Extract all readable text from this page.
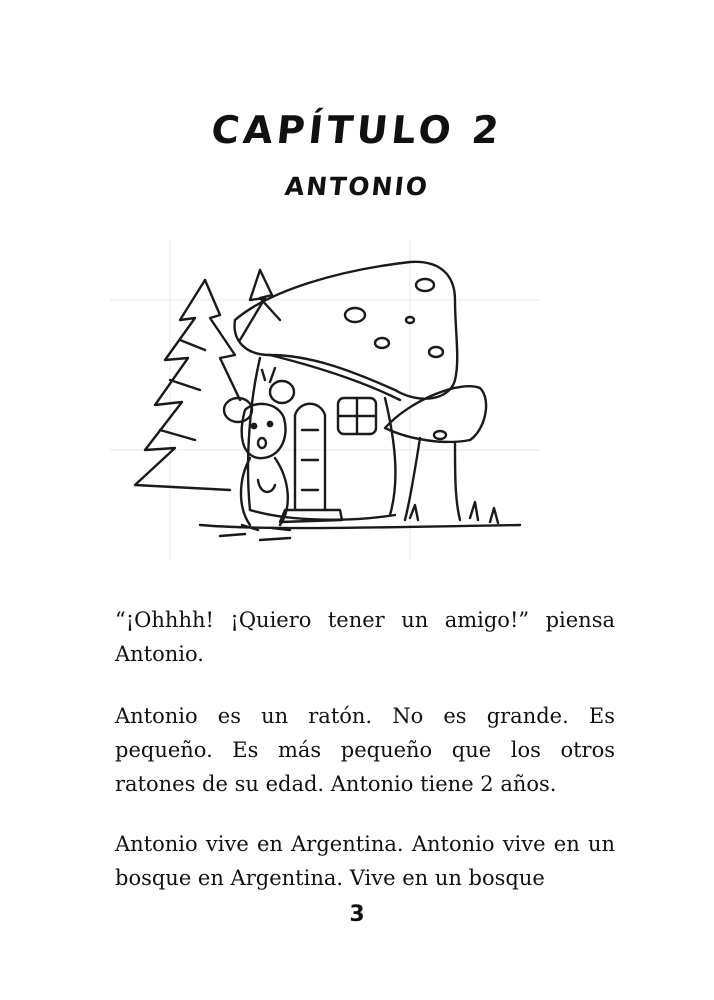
CAPÍTULO 2
ANTONIO

“¡Ohhhh! ¡Quiero tener un amigo!” piensa Antonio.

Antonio es un ratón. No es grande. Es pequeño. Es más pequeño que los otros ratones de su edad. Antonio tiene 2 años.

Antonio vive en Argentina. Antonio vive en un bosque en Argentina. Vive en un bosque

3
